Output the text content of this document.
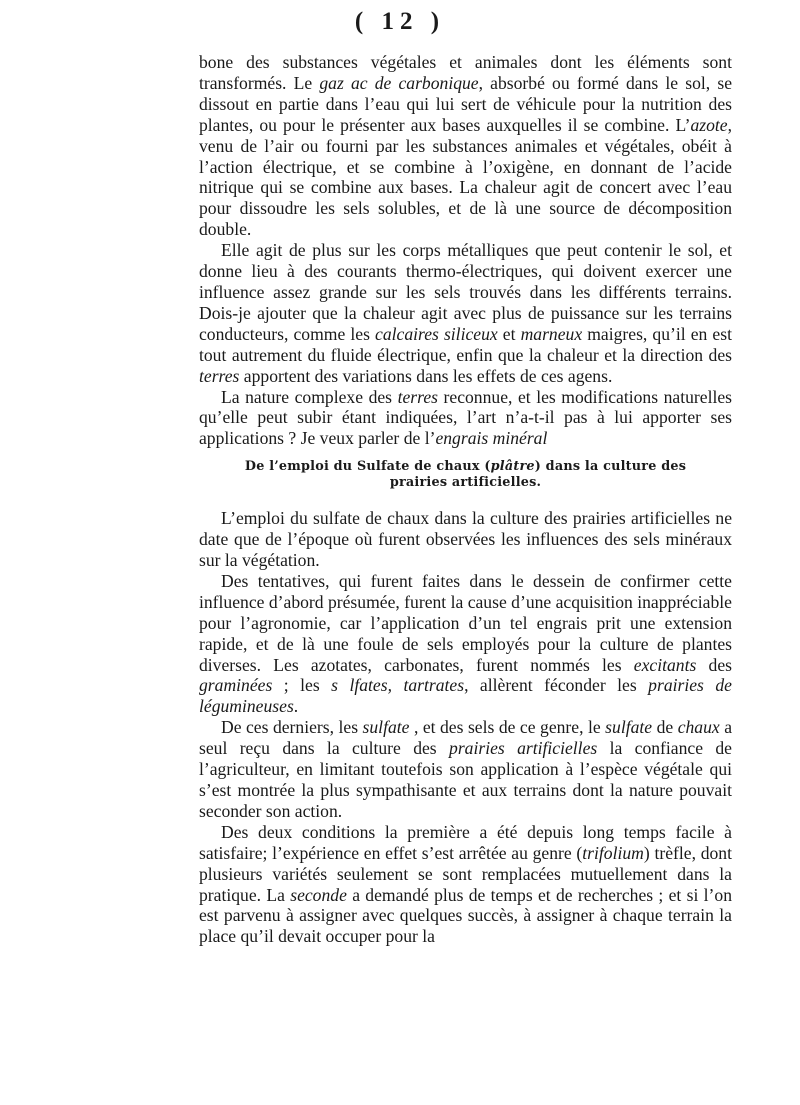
( 12 )

bone des substances végétales et animales dont les éléments sont transformés. Le gaz ac de carbonique, absorbé ou formé dans le sol, se dissout en partie dans l’eau qui lui sert de véhicule pour la nutrition des plantes, ou pour le présenter aux bases auxquelles il se combine. L’azote, venu de l’air ou fourni par les substances animales et végétales, obéit à l’action électrique, et se combine à l’oxigène, en donnant de l’acide nitrique qui se combine aux bases. La chaleur agit de concert avec l’eau pour dissoudre les sels solubles, et de là une source de décomposition double.

Elle agit de plus sur les corps métalliques que peut contenir le sol, et donne lieu à des courants thermo-électriques, qui doivent exercer une influence assez grande sur les sels trouvés dans les différents terrains. Dois-je ajouter que la chaleur agit avec plus de puissance sur les terrains conducteurs, comme les calcaires siliceux et marneux maigres, qu’il en est tout autrement du fluide électrique, enfin que la chaleur et la direction des terres apportent des variations dans les effets de ces agens.

La nature complexe des terres reconnue, et les modifications naturelles qu’elle peut subir étant indiquées, l’art n’a-t-il pas à lui apporter ses applications ? Je veux parler de l’engrais minéral

De l’emploi du Sulfate de chaux (plâtre) dans la culture des
prairies artificielles.

L’emploi du sulfate de chaux dans la culture des prairies artificielles ne date que de l’époque où furent observées les influences des sels minéraux sur la végétation.

Des tentatives, qui furent faites dans le dessein de confirmer cette influence d’abord présumée, furent la cause d’une acquisition inappréciable pour l’agronomie, car l’application d’un tel engrais prit une extension rapide, et de là une foule de sels employés pour la culture de plantes diverses. Les azotates, carbonates, furent nommés les excitants des graminées ; les s lfates, tartrates, allèrent féconder les prairies de légumineuses.

De ces derniers, les sulfate , et des sels de ce genre, le sulfate de chaux a seul reçu dans la culture des prairies artificielles la confiance de l’agriculteur, en limitant toutefois son application à l’espèce végétale qui s’est montrée la plus sympathisante et aux terrains dont la nature pouvait seconder son action.

Des deux conditions la première a été depuis long temps facile à satisfaire; l’expérience en effet s’est arrêtée au genre (trifolium) trèfle, dont plusieurs variétés seulement se sont remplacées mutuellement dans la pratique. La seconde a demandé plus de temps et de recherches ; et si l’on est parvenu à assigner avec quelques succès, à assigner à chaque terrain la place qu’il devait occuper pour la
